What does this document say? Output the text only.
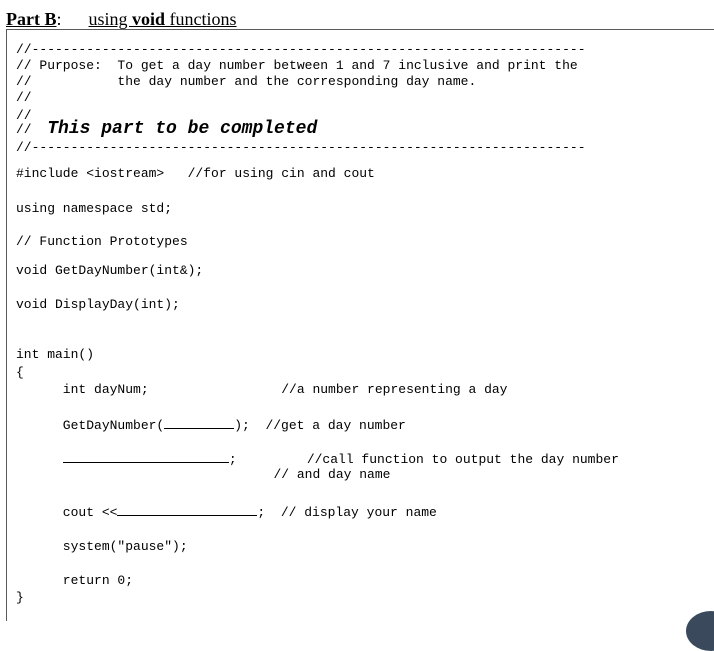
Part B: using void functions
//-----------------------------------------------------------------------
// Purpose:  To get a day number between 1 and 7 inclusive and print the
//           the day number and the corresponding day name.
//
//  This part to be completed
//
//-----------------------------------------------------------------------
#include <iostream>   //for using cin and cout
using namespace std;
// Function Prototypes
void GetDayNumber(int&);
void DisplayDay(int);
int main()
{
int dayNum;                 //a number representing a day
GetDayNumber(	);  //get a day number
;         //call function to output the day number
// and day name
cout <<	;  // display your name
system("pause");
return 0;
}
